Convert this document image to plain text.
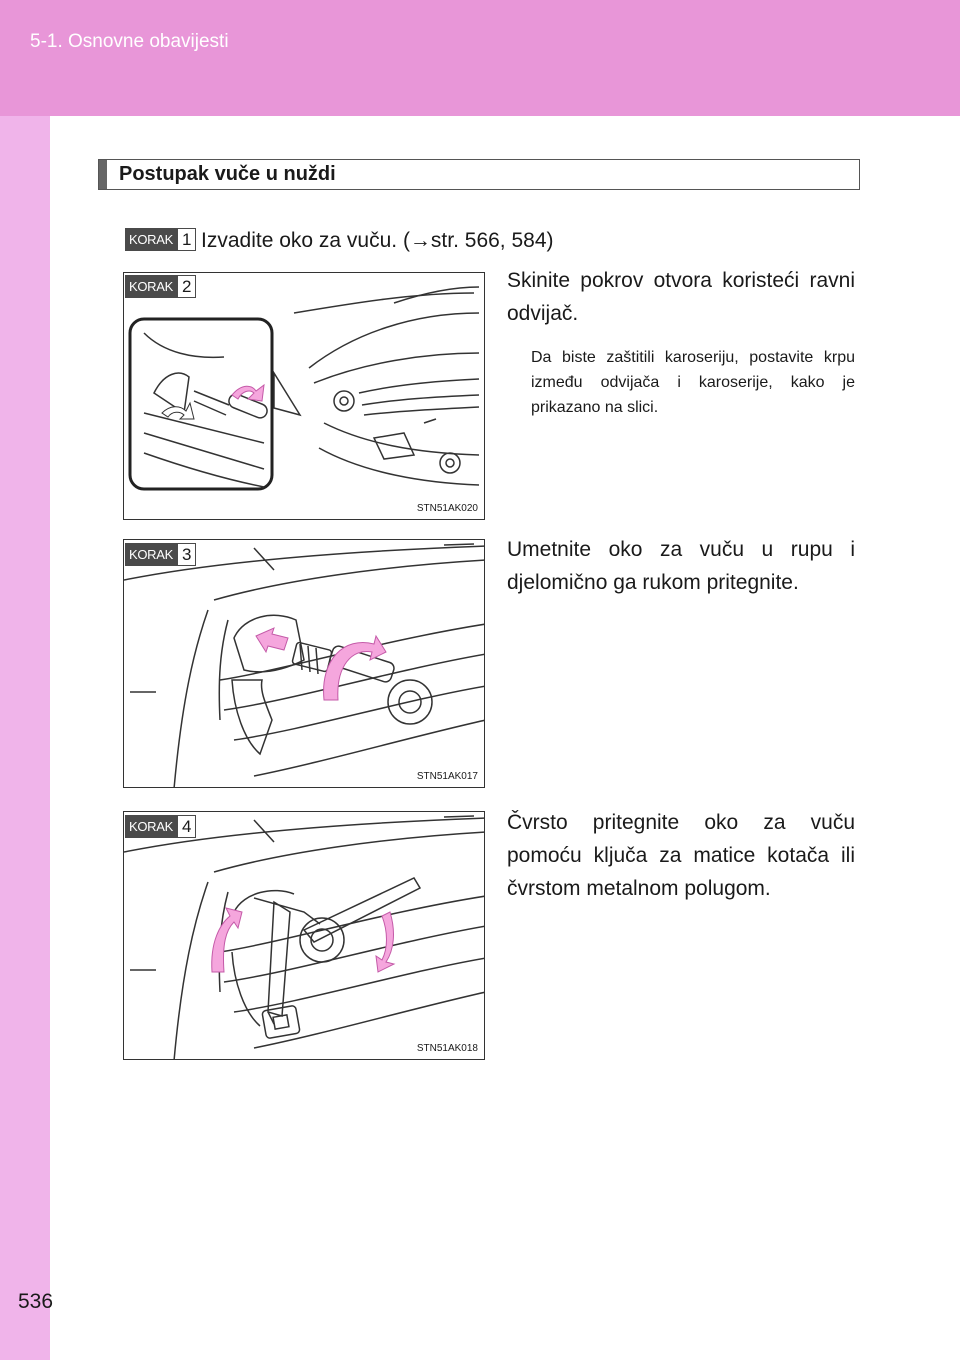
5-1. Osnovne obavijesti
536
Postupak vuče u nuždi
KORAK 1 Izvadite oko za vuču. (→str. 566, 584)
STN51AK020
KORAK 2	Skinite pokrov otvora koristeći ravni odvijač.
Da biste zaštitili karoseriju, postavite krpu između odvijača i karoserije, kako je prikazano na slici.
STN51AK017
KORAK 3	Umetnite oko za vuču u rupu i djelomično ga rukom pritegnite.
STN51AK018
KORAK 4	Čvrsto pritegnite oko za vuču pomoću ključa za matice kotača ili čvrstom metalnom polugom.
